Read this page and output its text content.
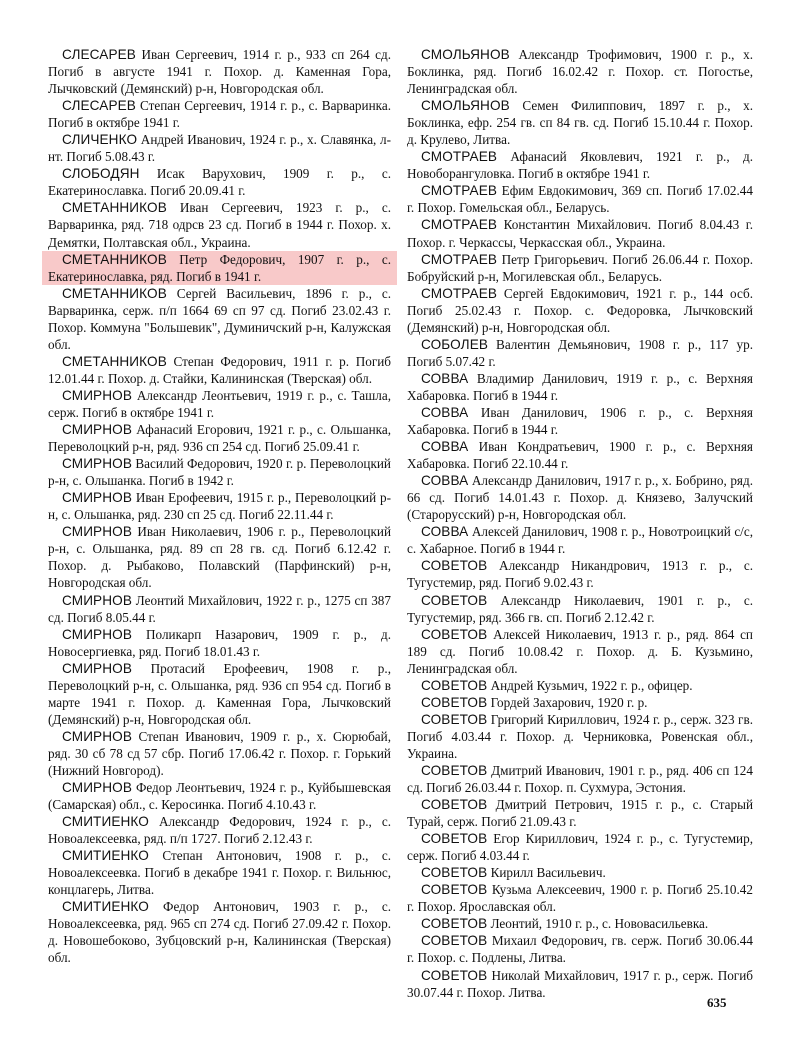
СЛЕСАРЕВ Иван Сергеевич, 1914 г. р., 933 сп 264 сд. Погиб в августе 1941 г. Похор. д. Каменная Гора, Лычковский (Демянский) р-н, Новгородская обл.

СЛЕСАРЕВ Степан Сергеевич, 1914 г. р., с. Варваринка. Погиб в октябре 1941 г.

СЛИЧЕНКО Андрей Иванович, 1924 г. р., х. Славянка, л-нт. Погиб 5.08.43 г.

СЛОБОДЯН Исак Варухович, 1909 г. р., с. Екатеринославка. Погиб 20.09.41 г.

СМЕТАННИКОВ Иван Сергеевич, 1923 г. р., с. Варваринка, ряд. 718 одрсв 23 сд. Погиб в 1944 г. Похор. х. Демятки, Полтавская обл., Украина.

СМЕТАННИКОВ Петр Федорович, 1907 г. р., с. Екатеринославка, ряд. Погиб в 1941 г.

СМЕТАННИКОВ Сергей Васильевич, 1896 г. р., с. Варваринка, серж. п/п 1664 69 сп 97 сд. Погиб 23.02.43 г. Похор. Коммуна "Большевик", Думиничский р-н, Калужская обл.

СМЕТАННИКОВ Степан Федорович, 1911 г. р. Погиб 12.01.44 г. Похор. д. Стайки, Калининская (Тверская) обл.

СМИРНОВ Александр Леонтьевич, 1919 г. р., с. Ташла, серж. Погиб в октябре 1941 г.

СМИРНОВ Афанасий Егорович, 1921 г. р., с. Ольшанка, Переволоцкий р-н, ряд. 936 сп 254 сд. Погиб 25.09.41 г.

СМИРНОВ Василий Федорович, 1920 г. р. Переволоцкий р-н, с. Ольшанка. Погиб в 1942 г.

СМИРНОВ Иван Ерофеевич, 1915 г. р., Переволоцкий р-н, с. Ольшанка, ряд. 230 сп 25 сд. Погиб 22.11.44 г.

СМИРНОВ Иван Николаевич, 1906 г. р., Переволоцкий р-н, с. Ольшанка, ряд. 89 сп 28 гв. сд. Погиб 6.12.42 г. Похор. д. Рыбаково, Полавский (Парфинский) р-н, Новгородская обл.

СМИРНОВ Леонтий Михайлович, 1922 г. р., 1275 сп 387 сд. Погиб 8.05.44 г.

СМИРНОВ Поликарп Назарович, 1909 г. р., д. Новосергиевка, ряд. Погиб 18.01.43 г.

СМИРНОВ Протасий Ерофеевич, 1908 г. р., Переволоцкий р-н, с. Ольшанка, ряд. 936 сп 954 сд. Погиб в марте 1941 г. Похор. д. Каменная Гора, Лычковский (Демянский) р-н, Новгородская обл.

СМИРНОВ Степан Иванович, 1909 г. р., х. Сюрюбай, ряд. 30 сб 78 сд 57 сбр. Погиб 17.06.42 г. Похор. г. Горький (Нижний Новгород).

СМИРНОВ Федор Леонтьевич, 1924 г. р., Куйбышевская (Самарская) обл., с. Керосинка. Погиб 4.10.43 г.

СМИТИЕНКО Александр Федорович, 1924 г. р., с. Новоалексеевка, ряд. п/п 1727. Погиб 2.12.43 г.

СМИТИЕНКО Степан Антонович, 1908 г. р., с. Новоалексеевка. Погиб в декабре 1941 г. Похор. г. Вильнюс, концлагерь, Литва.

СМИТИЕНКО Федор Антонович, 1903 г. р., с. Новоалексеевка, ряд. 965 сп 274 сд. Погиб 27.09.42 г. Похор. д. Новошебоково, Зубцовский р-н, Калининская (Тверская) обл.

СМОЛЬЯНОВ Александр Трофимович, 1900 г. р., х. Боклинка, ряд. Погиб 16.02.42 г. Похор. ст. Погостье, Ленинградская обл.

СМОЛЬЯНОВ Семен Филиппович, 1897 г. р., х. Боклинка, ефр. 254 гв. сп 84 гв. сд. Погиб 15.10.44 г. Похор. д. Крулево, Литва.

СМОТРАЕВ Афанасий Яковлевич, 1921 г. р., д. Новоборангуловка. Погиб в октябре 1941 г.

СМОТРАЕВ Ефим Евдокимович, 369 сп. Погиб 17.02.44 г. Похор. Гомельская обл., Беларусь.

СМОТРАЕВ Константин Михайлович. Погиб 8.04.43 г. Похор. г. Черкассы, Черкасская обл., Украина.

СМОТРАЕВ Петр Григорьевич. Погиб 26.06.44 г. Похор. Бобруйский р-н, Могилевская обл., Беларусь.

СМОТРАЕВ Сергей Евдокимович, 1921 г. р., 144 осб. Погиб 25.02.43 г. Похор. с. Федоровка, Лычковский (Демянский) р-н, Новгородская обл.

СОБОЛЕВ Валентин Демьянович, 1908 г. р., 117 ур. Погиб 5.07.42 г.

СОВВА Владимир Данилович, 1919 г. р., с. Верхняя Хабаровка. Погиб в 1944 г.

СОВВА Иван Данилович, 1906 г. р., с. Верхняя Хабаровка. Погиб в 1944 г.

СОВВА Иван Кондратьевич, 1900 г. р., с. Верхняя Хабаровка. Погиб 22.10.44 г.

СОВВА Александр Данилович, 1917 г. р., х. Бобрино, ряд. 66 сд. Погиб 14.01.43 г. Похор. д. Князево, Залучский (Старорусский) р-н, Новгородская обл.

СОВВА Алексей Данилович, 1908 г. р., Новотроицкий с/с, с. Хабарное. Погиб в 1944 г.

СОВЕТОВ Александр Никандрович, 1913 г. р., с. Тугустемир, ряд. Погиб 9.02.43 г.

СОВЕТОВ Александр Николаевич, 1901 г. р., с. Тугустемир, ряд. 366 гв. сп. Погиб 2.12.42 г.

СОВЕТОВ Алексей Николаевич, 1913 г. р., ряд. 864 сп 189 сд. Погиб 10.08.42 г. Похор. д. Б. Кузьмино, Ленинградская обл.

СОВЕТОВ Андрей Кузьмич, 1922 г. р., офицер.

СОВЕТОВ Гордей Захарович, 1920 г. р.

СОВЕТОВ Григорий Кириллович, 1924 г. р., серж. 323 гв. Погиб 4.03.44 г. Похор. д. Черниковка, Ровенская обл., Украина.

СОВЕТОВ Дмитрий Иванович, 1901 г. р., ряд. 406 сп 124 сд. Погиб 26.03.44 г. Похор. п. Сухмура, Эстония.

СОВЕТОВ Дмитрий Петрович, 1915 г. р., с. Старый Турай, серж. Погиб 21.09.43 г.

СОВЕТОВ Егор Кириллович, 1924 г. р., с. Тугустемир, серж. Погиб 4.03.44 г.

СОВЕТОВ Кирилл Васильевич.

СОВЕТОВ Кузьма Алексеевич, 1900 г. р. Погиб 25.10.42 г. Похор. Ярославская обл.

СОВЕТОВ Леонтий, 1910 г. р., с. Нововасильевка.

СОВЕТОВ Михаил Федорович, гв. серж. Погиб 30.06.44 г. Похор. с. Подлены, Литва.

СОВЕТОВ Николай Михайлович, 1917 г. р., серж. Погиб 30.07.44 г. Похор. Литва.

635
